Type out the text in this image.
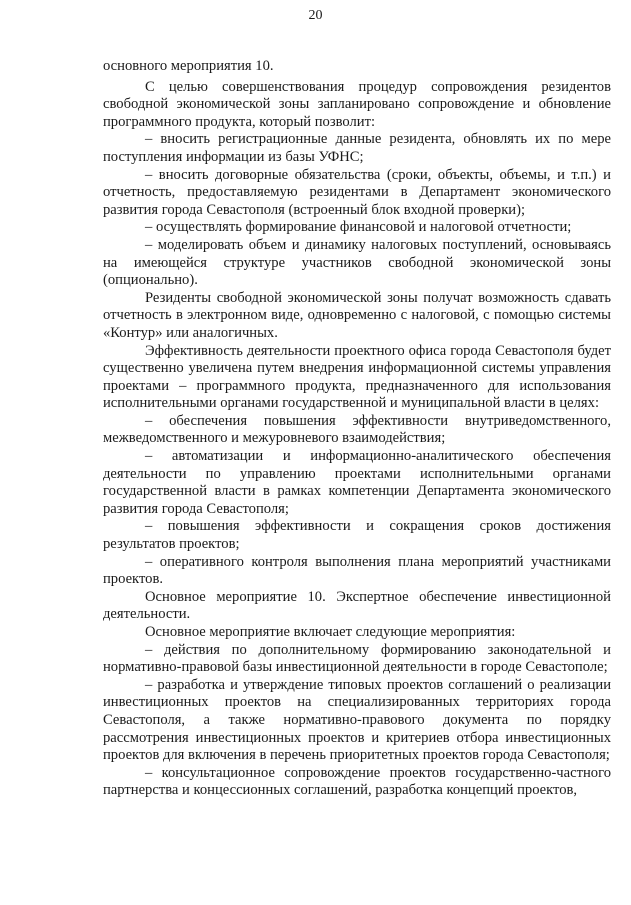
20

основного мероприятия 10.

С целью совершенствования процедур сопровождения резидентов свободной экономической зоны запланировано сопровождение и обновление программного продукта, который позволит:

– вносить регистрационные данные резидента, обновлять их по мере поступления информации из базы УФНС;

– вносить договорные обязательства (сроки, объекты, объемы, и т.п.) и отчетность, предоставляемую резидентами в Департамент экономического развития города Севастополя (встроенный блок входной проверки);

– осуществлять формирование финансовой и налоговой отчетности;

– моделировать объем и динамику налоговых поступлений, основываясь на имеющейся структуре участников свободной экономической зоны (опционально).

Резиденты свободной экономической зоны получат возможность сдавать отчетность в электронном виде, одновременно с налоговой, с помощью системы «Контур» или аналогичных.

Эффективность деятельности проектного офиса города Севастополя будет существенно увеличена путем внедрения информационной системы управления проектами – программного продукта, предназначенного для использования исполнительными органами государственной и муниципальной власти в целях:

– обеспечения повышения эффективности внутриведомственного, межведомственного и межуровневого взаимодействия;

– автоматизации и информационно-аналитического обеспечения деятельности по управлению проектами исполнительными органами государственной власти в рамках компетенции Департамента экономического развития города Севастополя;

– повышения эффективности и сокращения сроков достижения результатов проектов;

– оперативного контроля выполнения плана мероприятий участниками проектов.

Основное мероприятие 10. Экспертное обеспечение инвестиционной деятельности.

Основное мероприятие включает следующие мероприятия:

– действия по дополнительному формированию законодательной и нормативно-правовой базы инвестиционной деятельности в городе Севастополе;

– разработка и утверждение типовых проектов соглашений о реализации инвестиционных проектов на специализированных территориях города Севастополя, а также нормативно-правового документа по порядку рассмотрения инвестиционных проектов и критериев отбора инвестиционных проектов для включения в перечень приоритетных проектов города Севастополя;

– консультационное сопровождение проектов государственно-частного партнерства и концессионных соглашений, разработка концепций проектов,
